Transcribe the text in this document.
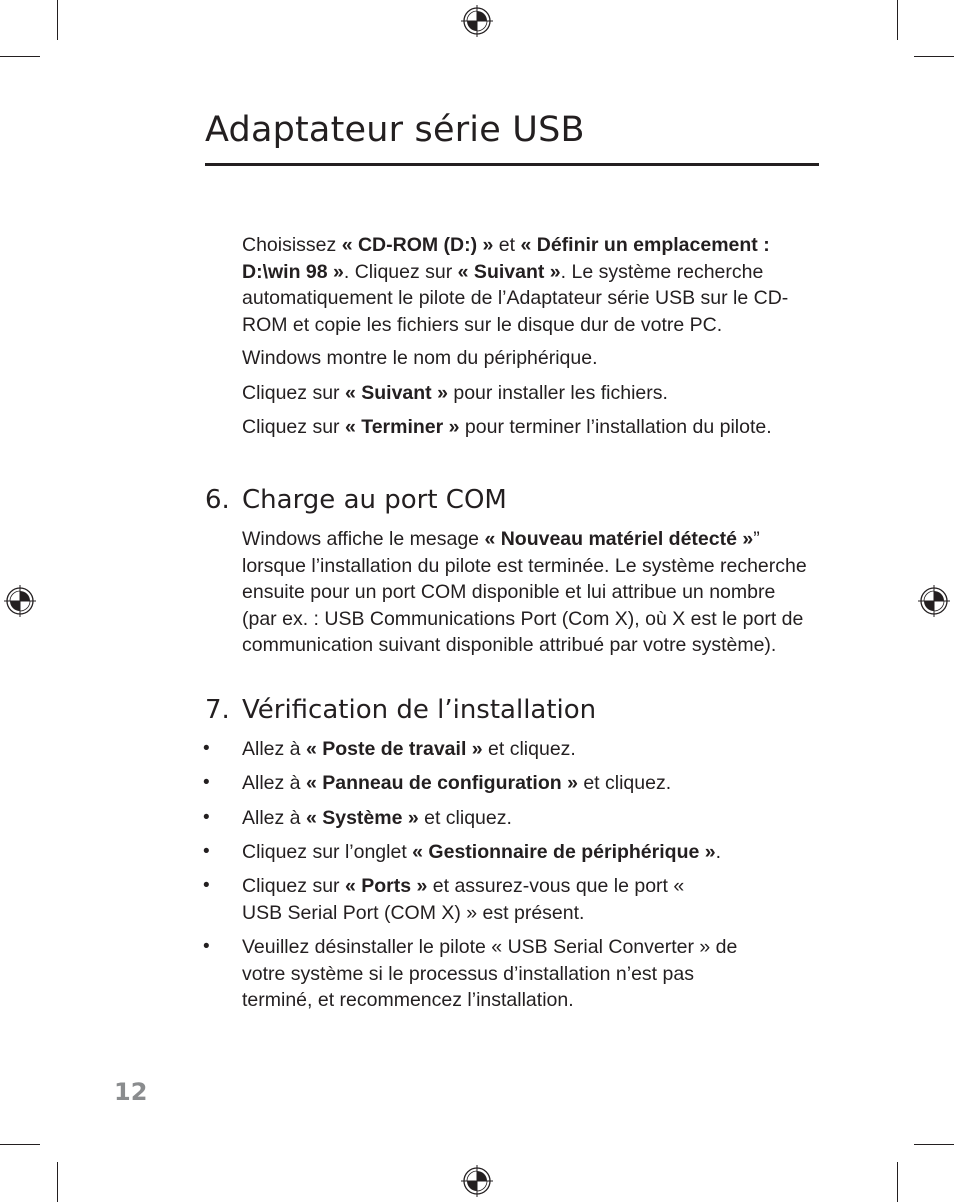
Adaptateur série USB

Choisissez « CD-ROM (D:) » et « Définir un emplacement : D:\win 98 ». Cliquez sur « Suivant ». Le système recherche automatiquement le pilote de l’Adaptateur série USB sur le CD-ROM et copie les fichiers sur le disque dur de votre PC.

Windows montre le nom du périphérique.

Cliquez sur « Suivant » pour installer les fichiers.

Cliquez sur « Terminer » pour terminer l’installation du pilote.

6. Charge au port COM

Windows affiche le mesage « Nouveau matériel détecté »” lorsque l’installation du pilote est terminée. Le système recherche ensuite pour un port COM disponible et lui attribue un nombre (par ex. : USB Communications Port (Com X), où X est le port de communication suivant disponible attribué par votre système).

7. Vérification de l’installation
• Allez à « Poste de travail » et cliquez.

• Allez à « Panneau de configuration » et cliquez.

• Allez à « Système » et cliquez.

• Cliquez sur l’onglet « Gestionnaire de périphérique ».

• Cliquez sur « Ports » et assurez-vous que le port « USB Serial Port (COM X) » est présent.

• Veuillez désinstaller le pilote « USB Serial Converter » de votre système si le processus d’installation n’est pas terminé, et recommencez l’installation.

12
